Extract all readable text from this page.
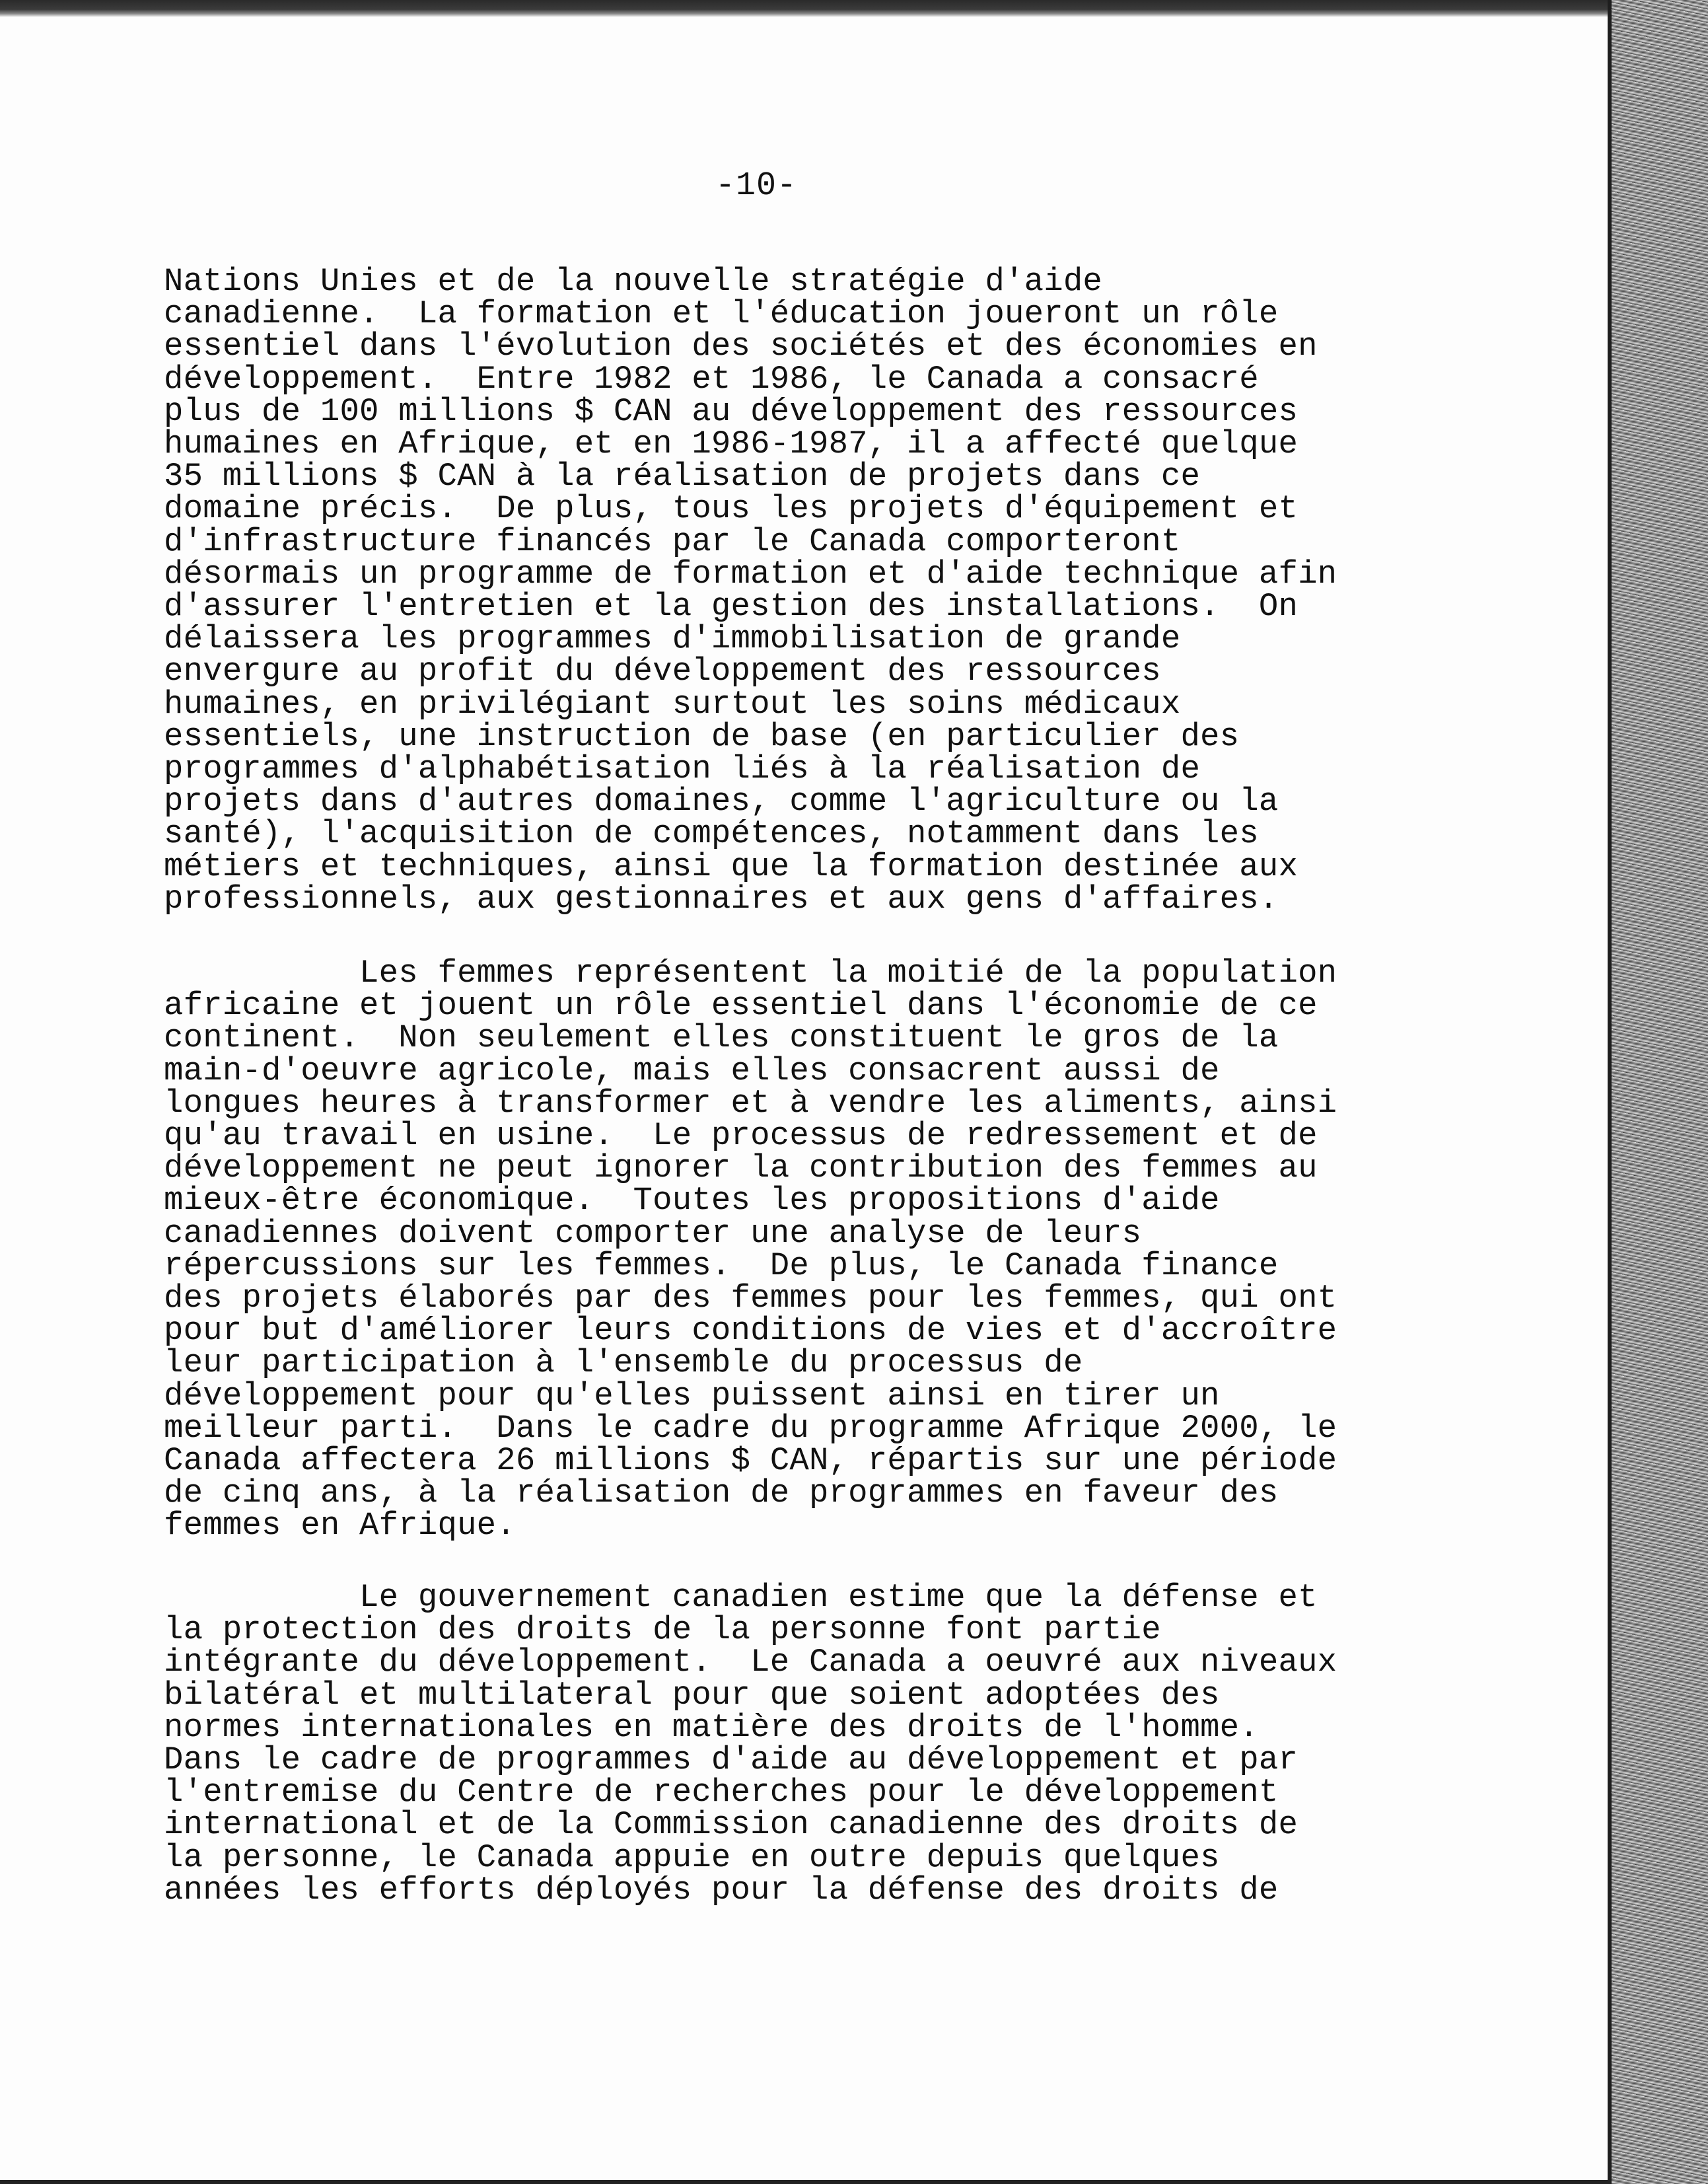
-10-

Nations Unies et de la nouvelle stratégie d'aide
canadienne.  La formation et l'éducation joueront un rôle
essentiel dans l'évolution des sociétés et des économies en
développement.  Entre 1982 et 1986, le Canada a consacré
plus de 100 millions $ CAN au développement des ressources
humaines en Afrique, et en 1986-1987, il a affecté quelque
35 millions $ CAN à la réalisation de projets dans ce
domaine précis.  De plus, tous les projets d'équipement et
d'infrastructure financés par le Canada comporteront
désormais un programme de formation et d'aide technique afin
d'assurer l'entretien et la gestion des installations.  On
délaissera les programmes d'immobilisation de grande
envergure au profit du développement des ressources
humaines, en privilégiant surtout les soins médicaux
essentiels, une instruction de base (en particulier des
programmes d'alphabétisation liés à la réalisation de
projets dans d'autres domaines, comme l'agriculture ou la
santé), l'acquisition de compétences, notamment dans les
métiers et techniques, ainsi que la formation destinée aux
professionnels, aux gestionnaires et aux gens d'affaires.

Les femmes représentent la moitié de la population
africaine et jouent un rôle essentiel dans l'économie de ce
continent.  Non seulement elles constituent le gros de la
main-d'oeuvre agricole, mais elles consacrent aussi de
longues heures à transformer et à vendre les aliments, ainsi
qu'au travail en usine.  Le processus de redressement et de
développement ne peut ignorer la contribution des femmes au
mieux-être économique.  Toutes les propositions d'aide
canadiennes doivent comporter une analyse de leurs
répercussions sur les femmes.  De plus, le Canada finance
des projets élaborés par des femmes pour les femmes, qui ont
pour but d'améliorer leurs conditions de vies et d'accroître
leur participation à l'ensemble du processus de
développement pour qu'elles puissent ainsi en tirer un
meilleur parti.  Dans le cadre du programme Afrique 2000, le
Canada affectera 26 millions $ CAN, répartis sur une période
de cinq ans, à la réalisation de programmes en faveur des
femmes en Afrique.

Le gouvernement canadien estime que la défense et
la protection des droits de la personne font partie
intégrante du développement.  Le Canada a oeuvré aux niveaux
bilatéral et multilateral pour que soient adoptées des
normes internationales en matière des droits de l'homme.
Dans le cadre de programmes d'aide au développement et par
l'entremise du Centre de recherches pour le développement
international et de la Commission canadienne des droits de
la personne, le Canada appuie en outre depuis quelques
années les efforts déployés pour la défense des droits de
